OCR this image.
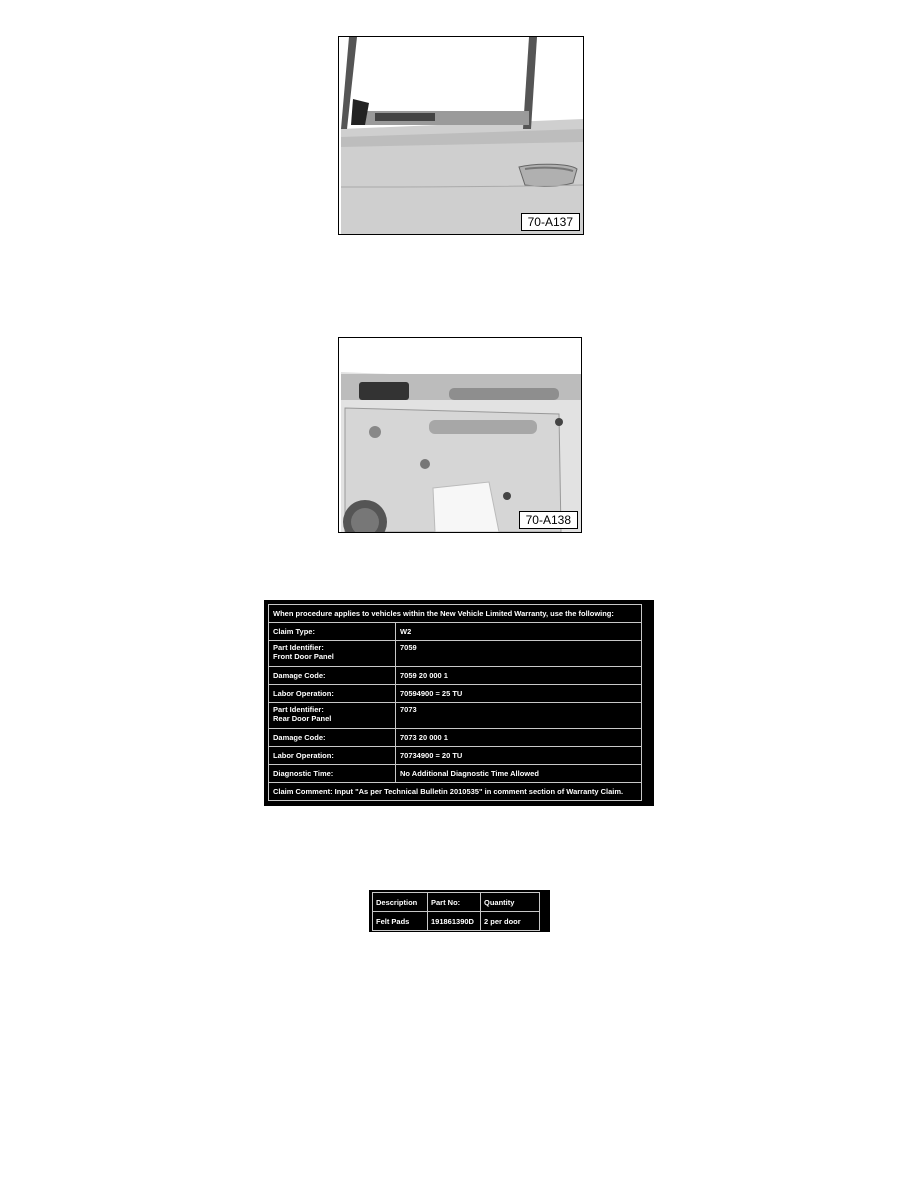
70-A137
70-A138
When procedure applies to vehicles within the New Vehicle Limited Warranty, use the following:	
Claim Type:	W2

Part Identifier:
Front Door Panel	7059
Damage Code:	7059 20 000 1
Labor Operation:	70594900 = 25 TU

Part Identifier:
Rear Door Panel	7073
Damage Code:	7073 20 000 1
Labor Operation:	70734900 = 20 TU
Diagnostic Time:	No Additional Diagnostic Time Allowed
Claim Comment: Input "As per Technical Bulletin 2010535" in comment section of Warranty Claim.	
Description	Part No:	Quantity
Felt Pads	191861390D	2 per door
